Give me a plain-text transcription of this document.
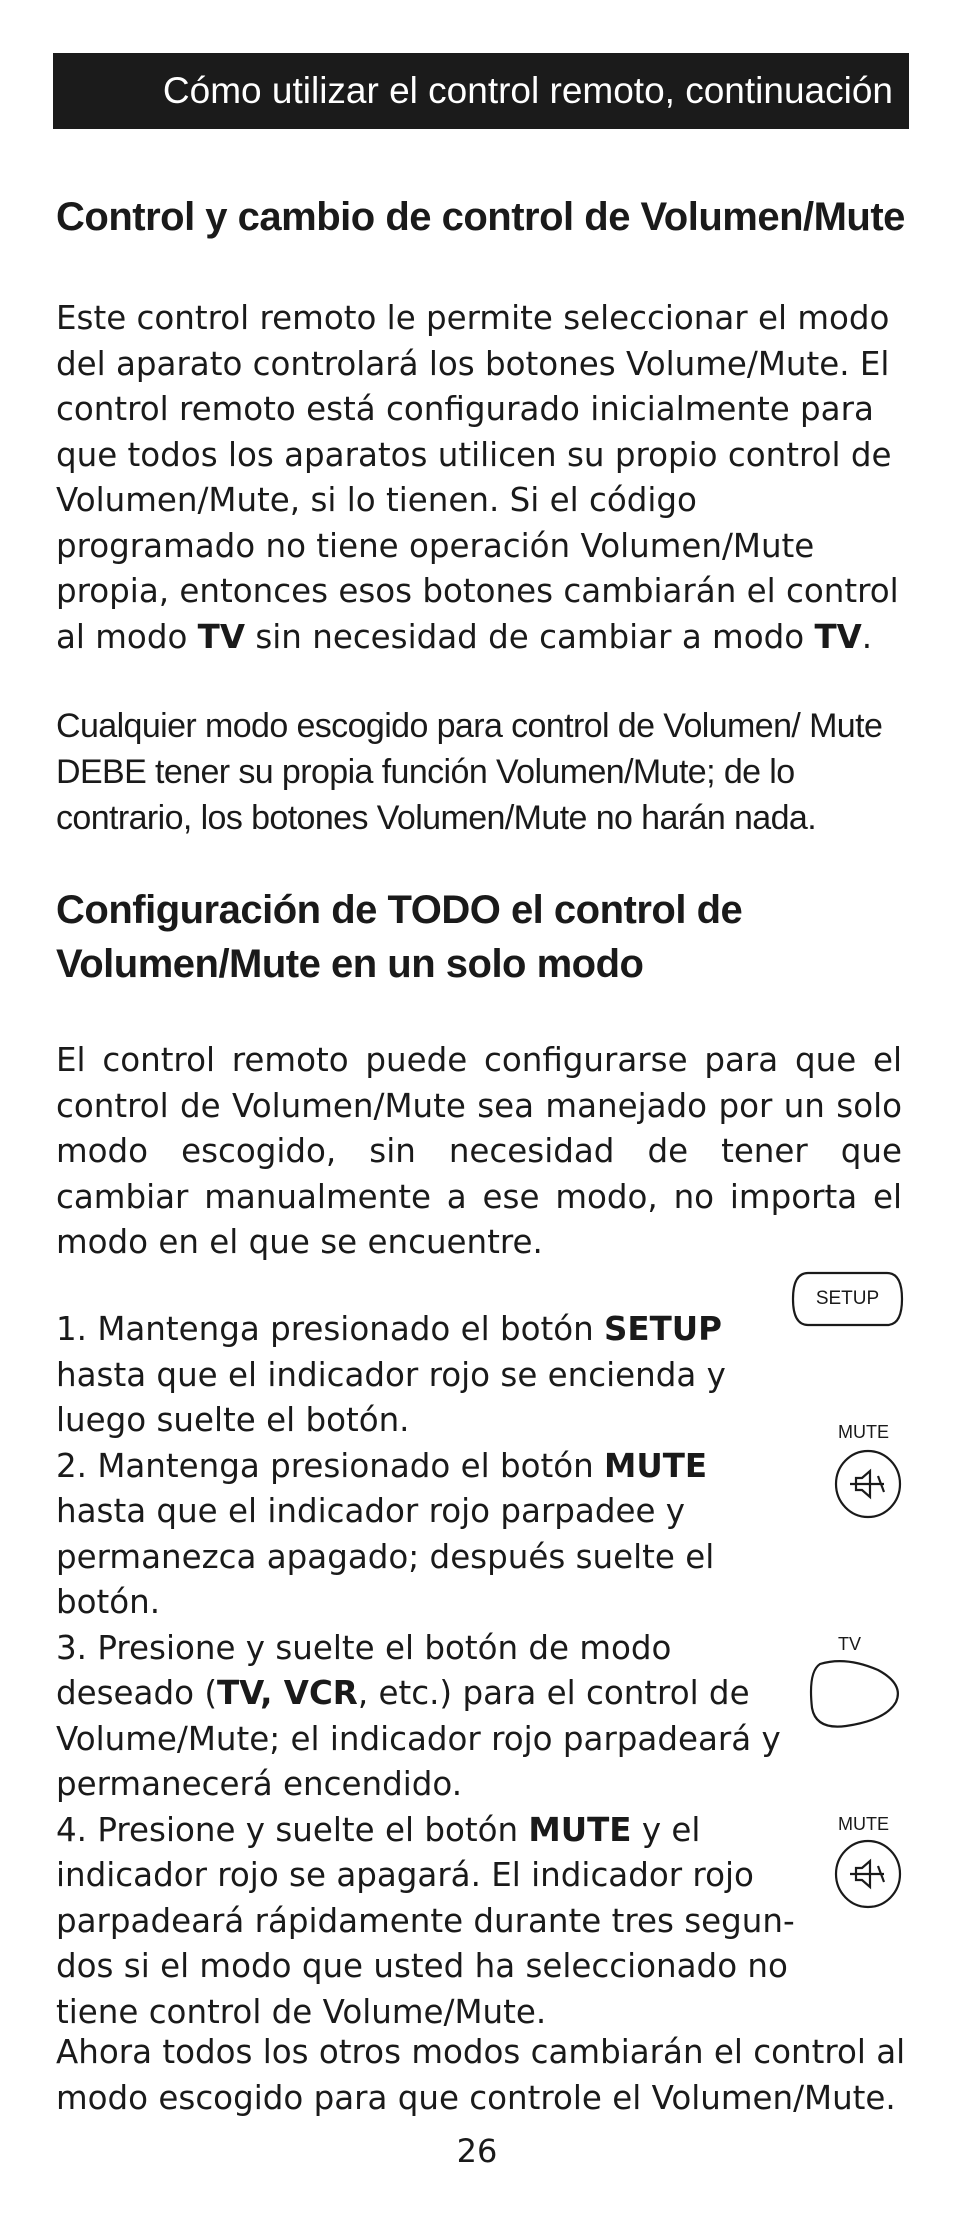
Cómo utilizar el control remoto, continuación
Control y cambio de control de Volumen/Mute

Este control remoto le permite seleccionar el modo del aparato controlará los botones Volume/Mute. El control remoto está configurado inicialmente para que todos los aparatos utilicen su propio control de Volumen/Mute, si lo tienen. Si el código programado no tiene operación Volumen/Mute propia, entonces esos botones cambiarán el control al modo TV sin necesidad de cambiar a modo TV.

Cualquier modo escogido para control de Volumen/ Mute DEBE tener su propia función Volumen/Mute; de lo contrario, los botones Volumen/Mute no harán nada.

Configuración de TODO el control de Volumen/Mute en un solo modo

El control remoto puede configurarse para que el control de Volumen/Mute sea manejado por un solo modo escogido, sin necesidad de tener que cambiar manualmente a ese modo, no importa el modo en el que se encuentre.

1. Mantenga presionado el botón SETUP hasta que el indicador rojo se encienda y luego suelte el botón.
2. Mantenga presionado el botón MUTE hasta que el indicador rojo parpadee y permanezca apagado; después suelte el botón.
3. Presione y suelte el botón de modo deseado (TV, VCR, etc.) para el control de Volume/Mute; el indicador rojo parpadeará y permanecerá encendido.
4. Presione y suelte el botón MUTE y el indicador rojo se apagará. El indicador rojo parpadeará rápidamente durante tres segun-dos si el modo que usted ha seleccionado no tiene control de Volume/Mute.
SETUP
MUTE
TV
MUTE

Ahora todos los otros modos cambiarán el control al modo escogido para que controle el Volumen/Mute.

26
